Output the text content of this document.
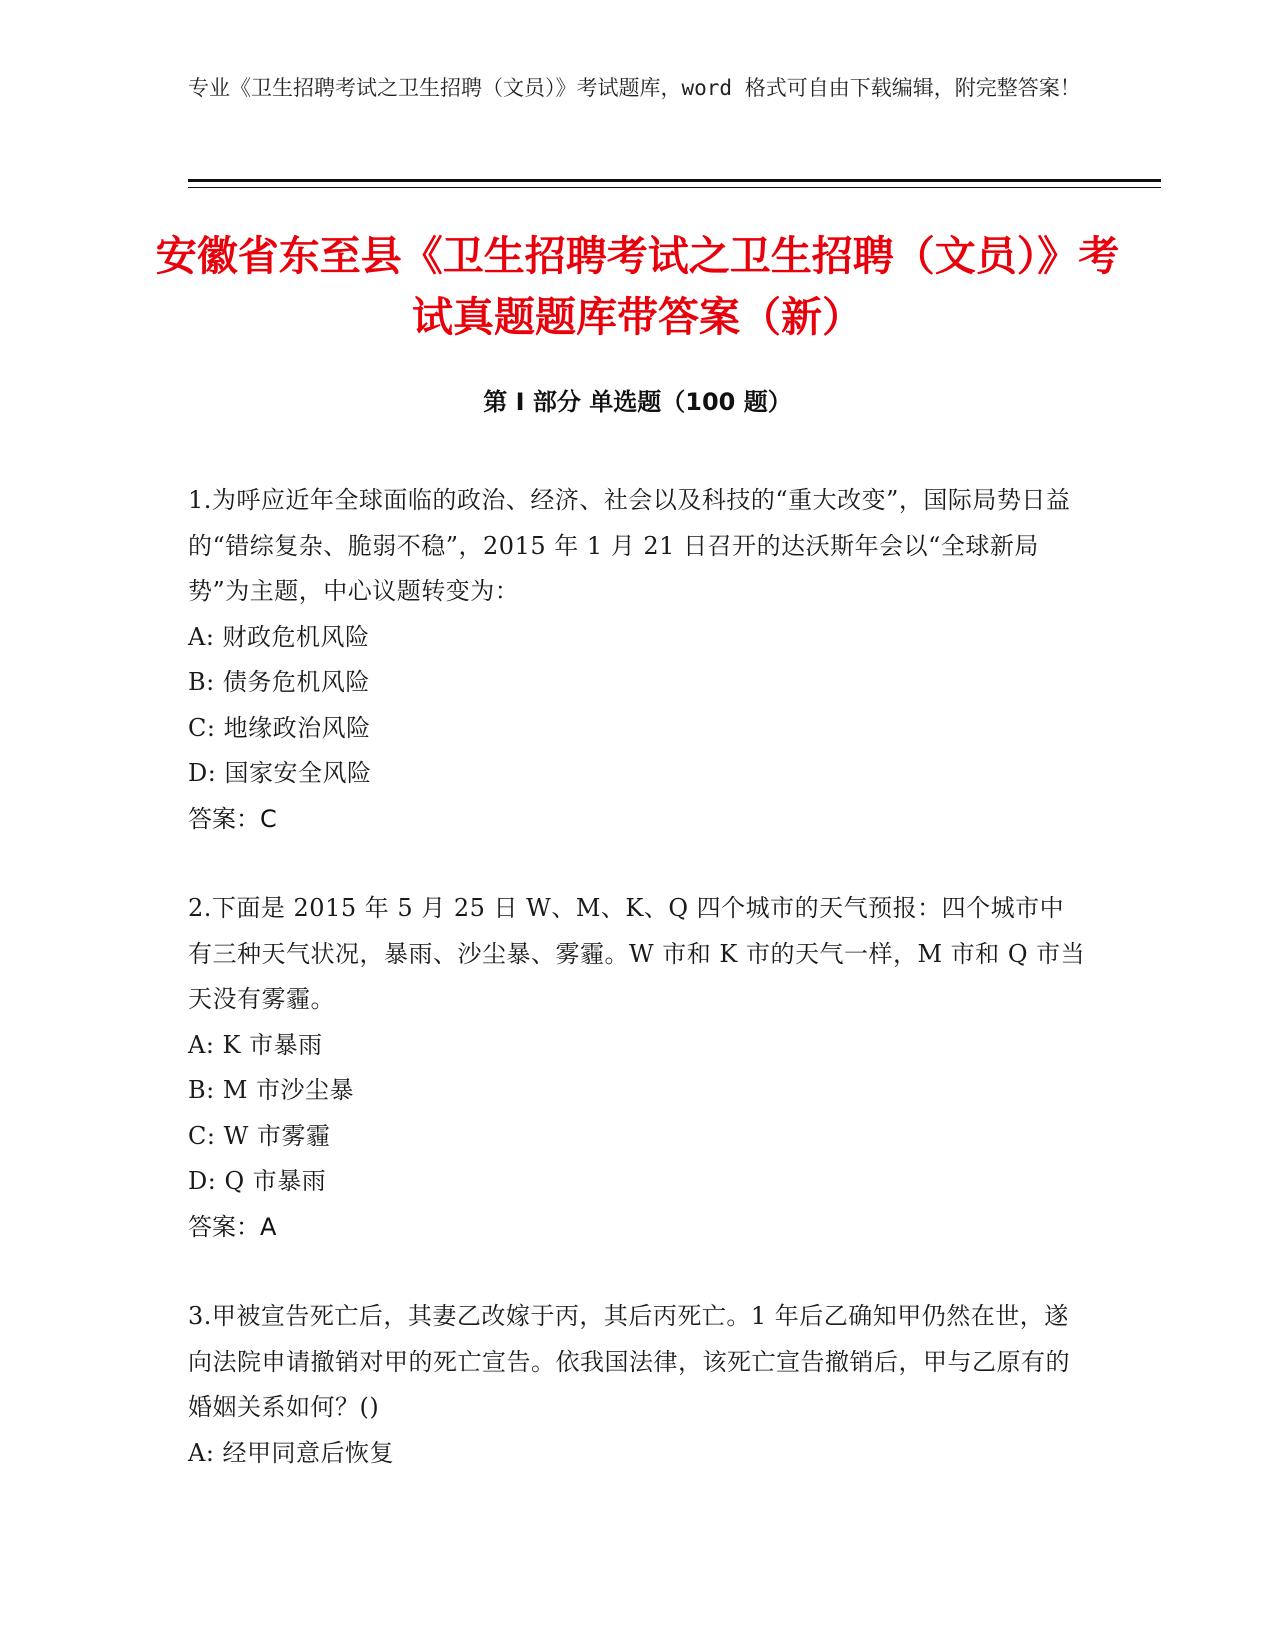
专业《卫生招聘考试之卫生招聘（文员）》考试题库，word 格式可自由下载编辑，附完整答案！
安徽省东至县《卫生招聘考试之卫生招聘（文员）》考试真题题库带答案（新）
第 I 部分 单选题（100 题）
1.为呼应近年全球面临的政治、经济、社会以及科技的“重大改变”，国际局势日益的“错综复杂、脆弱不稳”，2015 年 1 月 21 日召开的达沃斯年会以“全球新局势”为主题，中心议题转变为：
A: 财政危机风险
B: 债务危机风险
C: 地缘政治风险
D: 国家安全风险
答案：C
2.下面是 2015 年 5 月 25 日 W、M、K、Q 四个城市的天气预报：四个城市中有三种天气状况，暴雨、沙尘暴、雾霾。W 市和 K 市的天气一样，M 市和 Q 市当天没有雾霾。
A: K 市暴雨
B: M 市沙尘暴
C: W 市雾霾
D: Q 市暴雨
答案：A
3.甲被宣告死亡后，其妻乙改嫁于丙，其后丙死亡。1 年后乙确知甲仍然在世，遂向法院申请撤销对甲的死亡宣告。依我国法律，该死亡宣告撤销后，甲与乙原有的婚姻关系如何？()
A: 经甲同意后恢复
